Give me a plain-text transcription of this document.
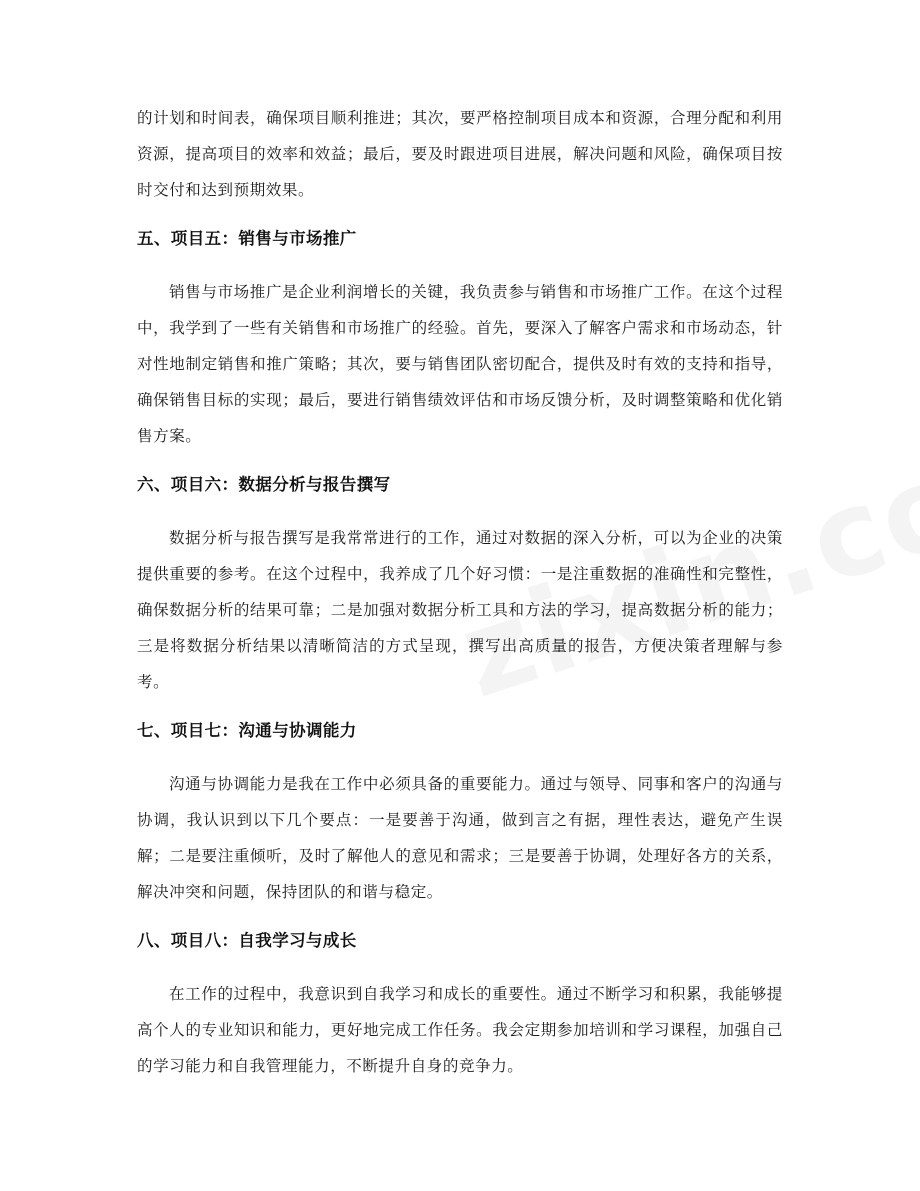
的计划和时间表，确保项目顺利推进；其次，要严格控制项目成本和资源，合理分配和利用资源，提高项目的效率和效益；最后，要及时跟进项目进展，解决问题和风险，确保项目按时交付和达到预期效果。

五、项目五：销售与市场推广

销售与市场推广是企业利润增长的关键，我负责参与销售和市场推广工作。在这个过程中，我学到了一些有关销售和市场推广的经验。首先，要深入了解客户需求和市场动态，针对性地制定销售和推广策略；其次，要与销售团队密切配合，提供及时有效的支持和指导，确保销售目标的实现；最后，要进行销售绩效评估和市场反馈分析，及时调整策略和优化销售方案。

六、项目六：数据分析与报告撰写

数据分析与报告撰写是我常常进行的工作，通过对数据的深入分析，可以为企业的决策提供重要的参考。在这个过程中，我养成了几个好习惯：一是注重数据的准确性和完整性，确保数据分析的结果可靠；二是加强对数据分析工具和方法的学习，提高数据分析的能力；三是将数据分析结果以清晰简洁的方式呈现，撰写出高质量的报告，方便决策者理解与参考。

七、项目七：沟通与协调能力

沟通与协调能力是我在工作中必须具备的重要能力。通过与领导、同事和客户的沟通与协调，我认识到以下几个要点：一是要善于沟通，做到言之有据，理性表达，避免产生误解；二是要注重倾听，及时了解他人的意见和需求；三是要善于协调，处理好各方的关系，解决冲突和问题，保持团队的和谐与稳定。

八、项目八：自我学习与成长

在工作的过程中，我意识到自我学习和成长的重要性。通过不断学习和积累，我能够提高个人的专业知识和能力，更好地完成工作任务。我会定期参加培训和学习课程，加强自己的学习能力和自我管理能力，不断提升自身的竞争力。
